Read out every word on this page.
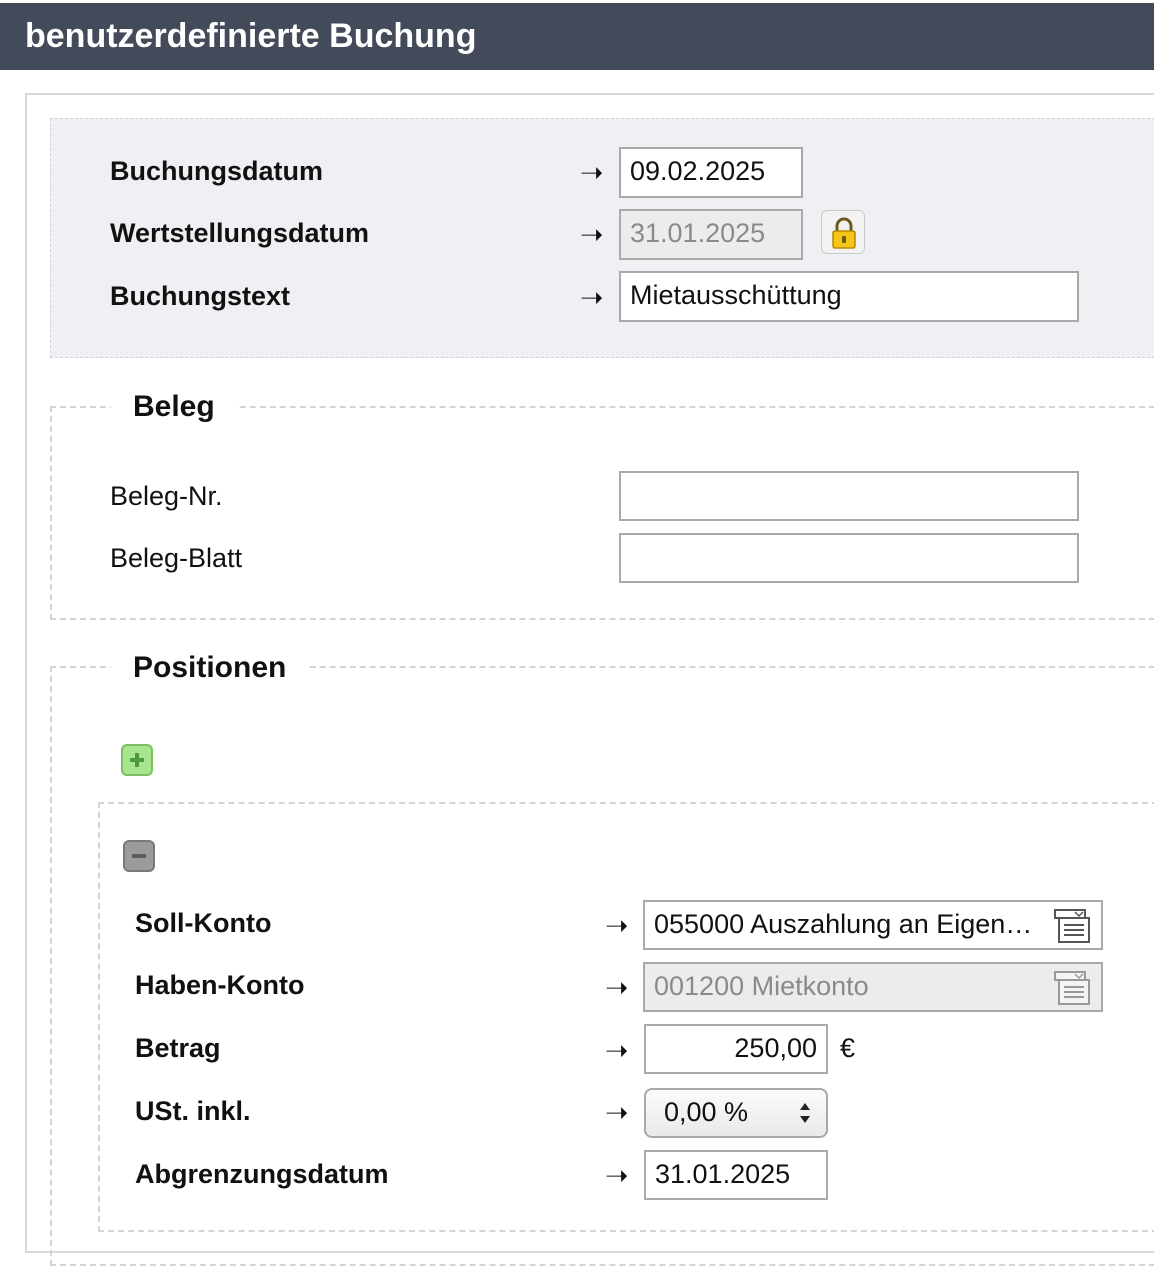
benutzerdefinierte Buchung
Buchungsdatum	➝ 09.02.2025
Wertstellungsdatum	➝ 31.01.2025
Buchungstext	➝ Mietausschüttung
Beleg
Beleg-Nr.
Beleg-Blatt
Positionen
Soll-Konto	➝ 055000 Auszahlung an Eigen…
Haben-Konto	➝ 001200 Mietkonto
Betrag	➝	250,00 €
USt. inkl.	➝	0,00 %
Abgrenzungsdatum	➝ 31.01.2025
